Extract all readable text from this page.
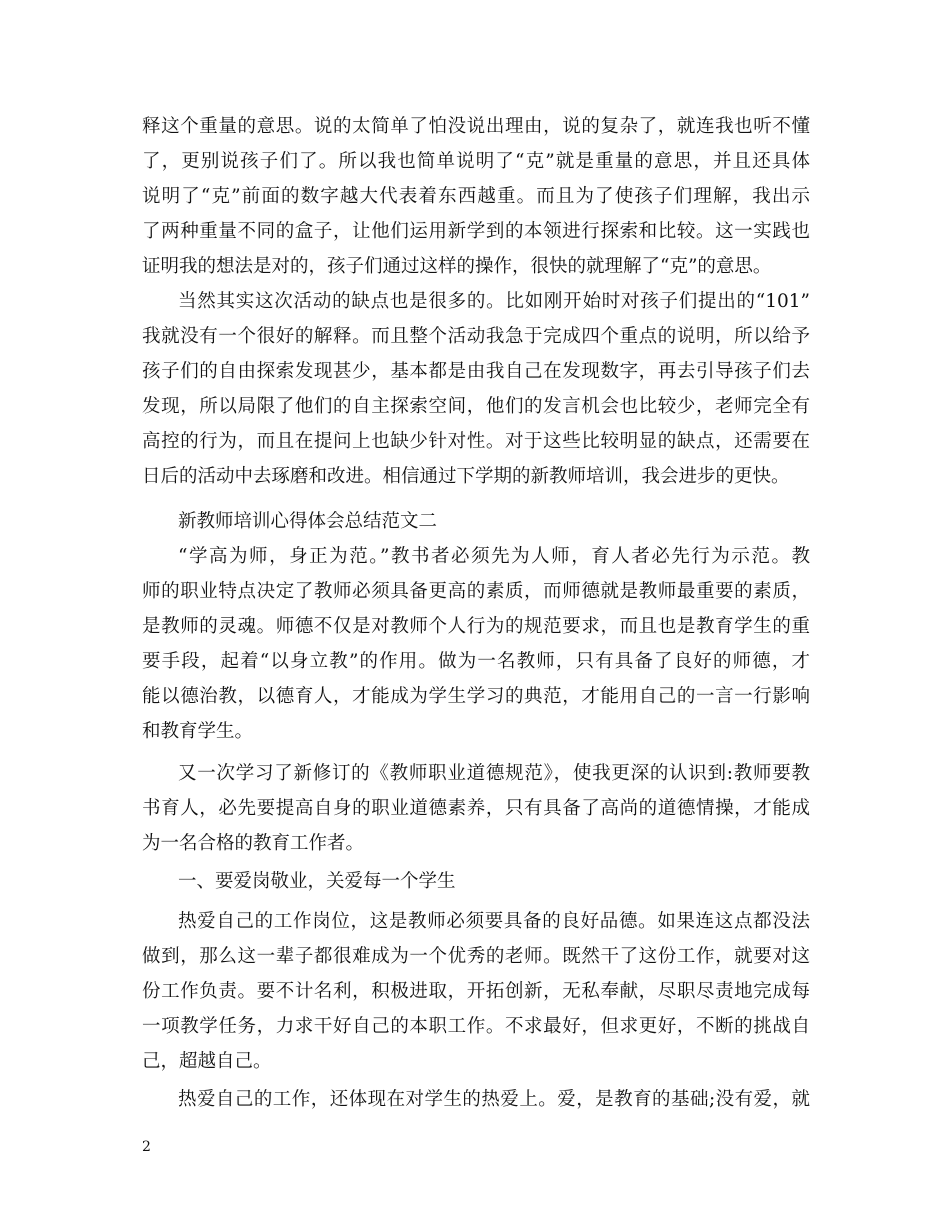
释这个重量的意思。说的太简单了怕没说出理由，说的复杂了，就连我也听不懂
了，更别说孩子们了。所以我也简单说明了“克”就是重量的意思，并且还具体
说明了“克”前面的数字越大代表着东西越重。而且为了使孩子们理解，我出示
了两种重量不同的盒子，让他们运用新学到的本领进行探索和比较。这一实践也
证明我的想法是对的，孩子们通过这样的操作，很快的就理解了“克”的意思。
当然其实这次活动的缺点也是很多的。比如刚开始时对孩子们提出的“101”
我就没有一个很好的解释。而且整个活动我急于完成四个重点的说明，所以给予
孩子们的自由探索发现甚少，基本都是由我自己在发现数字，再去引导孩子们去
发现，所以局限了他们的自主探索空间，他们的发言机会也比较少，老师完全有
高控的行为，而且在提问上也缺少针对性。对于这些比较明显的缺点，还需要在
日后的活动中去琢磨和改进。相信通过下学期的新教师培训，我会进步的更快。
新教师培训心得体会总结范文二
“学高为师，身正为范。”教书者必须先为人师，育人者必先行为示范。教
师的职业特点决定了教师必须具备更高的素质，而师德就是教师最重要的素质，
是教师的灵魂。师德不仅是对教师个人行为的规范要求，而且也是教育学生的重
要手段，起着“以身立教”的作用。做为一名教师，只有具备了良好的师德，才
能以德治教，以德育人，才能成为学生学习的典范，才能用自己的一言一行影响
和教育学生。
又一次学习了新修订的《教师职业道德规范》，使我更深的认识到:教师要教
书育人，必先要提高自身的职业道德素养，只有具备了高尚的道德情操，才能成
为一名合格的教育工作者。
一、要爱岗敬业，关爱每一个学生
热爱自己的工作岗位，这是教师必须要具备的良好品德。如果连这点都没法
做到，那么这一辈子都很难成为一个优秀的老师。既然干了这份工作，就要对这
份工作负责。要不计名利，积极进取，开拓创新，无私奉献，尽职尽责地完成每
一项教学任务，力求干好自己的本职工作。不求最好，但求更好，不断的挑战自
己，超越自己。
热爱自己的工作，还体现在对学生的热爱上。爱，是教育的基础;没有爱，就
2
